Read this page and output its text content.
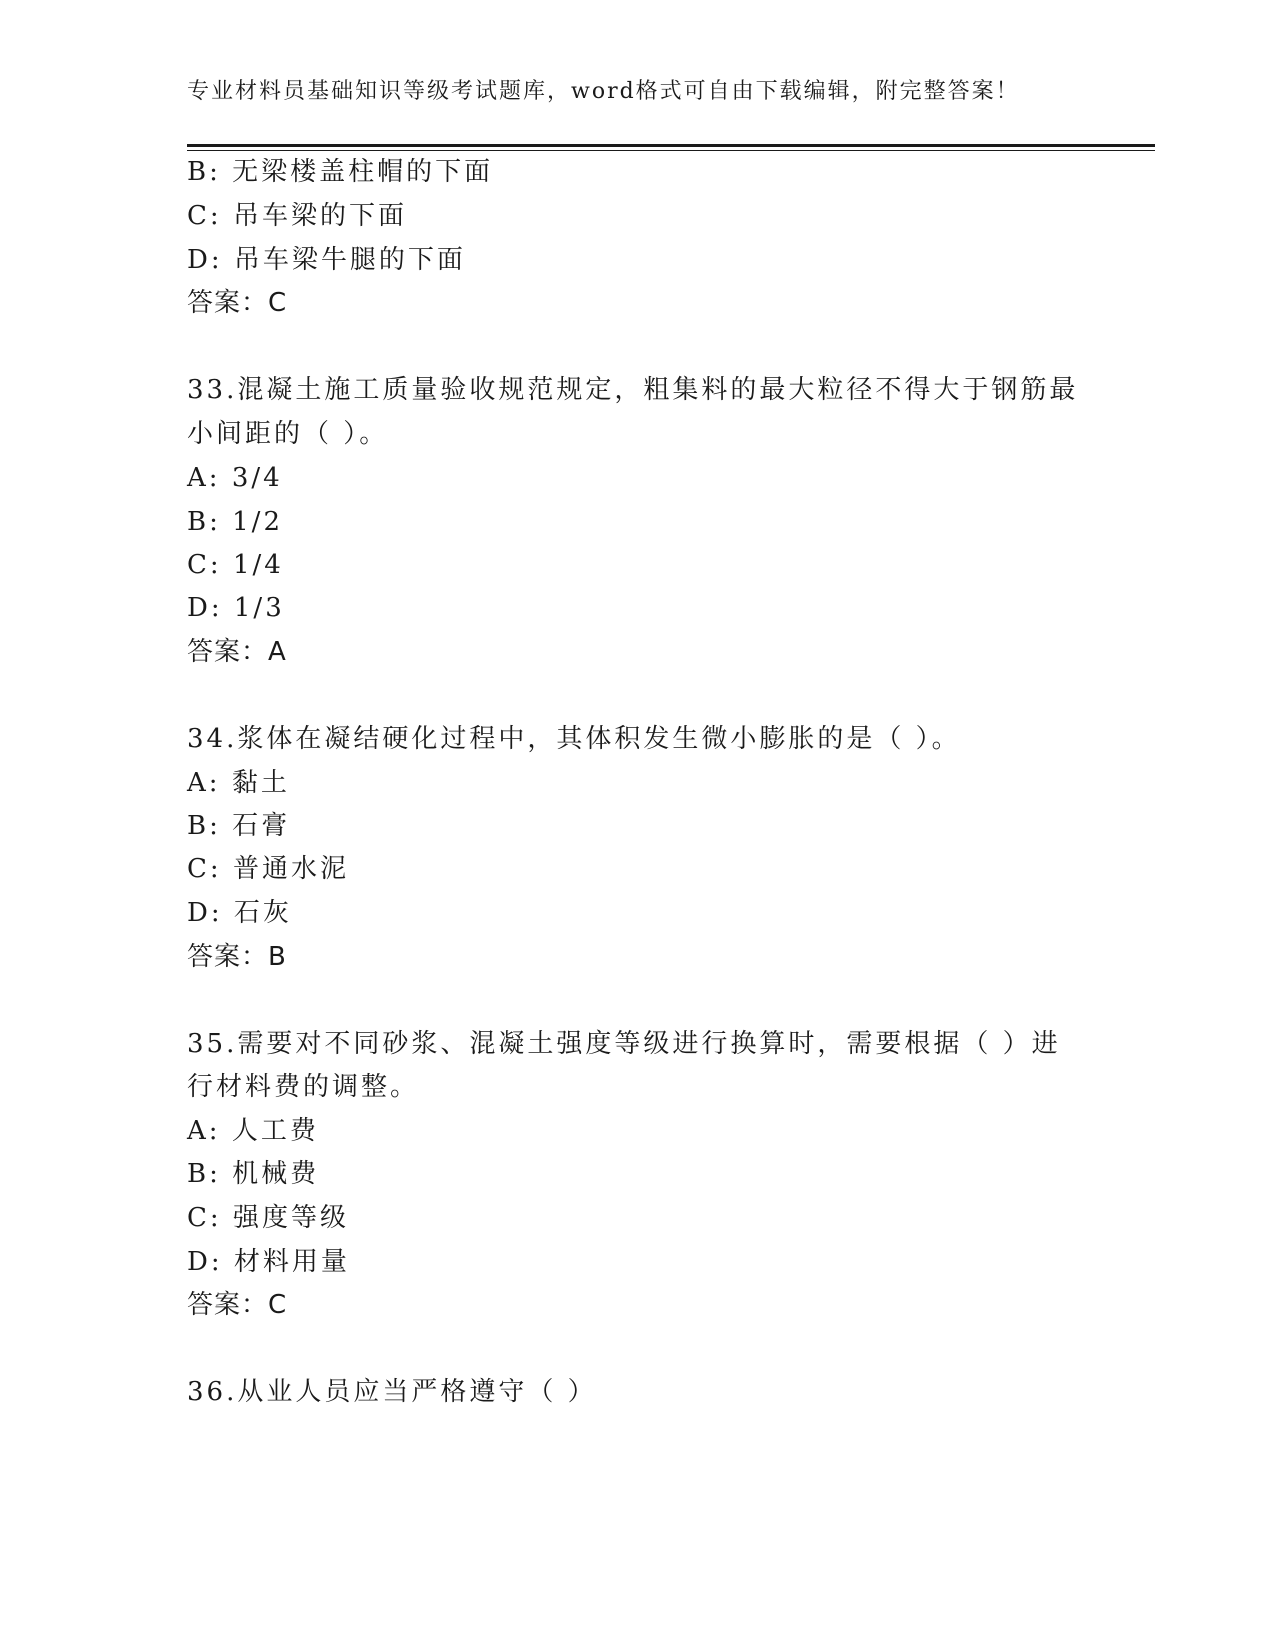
专业材料员基础知识等级考试题库，word格式可自由下载编辑，附完整答案！
B: 无梁楼盖柱帽的下面
C: 吊车梁的下面
D: 吊车梁牛腿的下面
答案：C
33.混凝土施工质量验收规范规定，粗集料的最大粒径不得大于钢筋最
小间距的（ ）。
A: 3/4
B: 1/2
C: 1/4
D: 1/3
答案：A
34.浆体在凝结硬化过程中，其体积发生微小膨胀的是（ ）。
A: 黏土
B: 石膏
C: 普通水泥
D: 石灰
答案：B
35.需要对不同砂浆、混凝土强度等级进行换算时，需要根据（ ）进
行材料费的调整。
A: 人工费
B: 机械费
C: 强度等级
D: 材料用量
答案：C
36.从业人员应当严格遵守（ ）
